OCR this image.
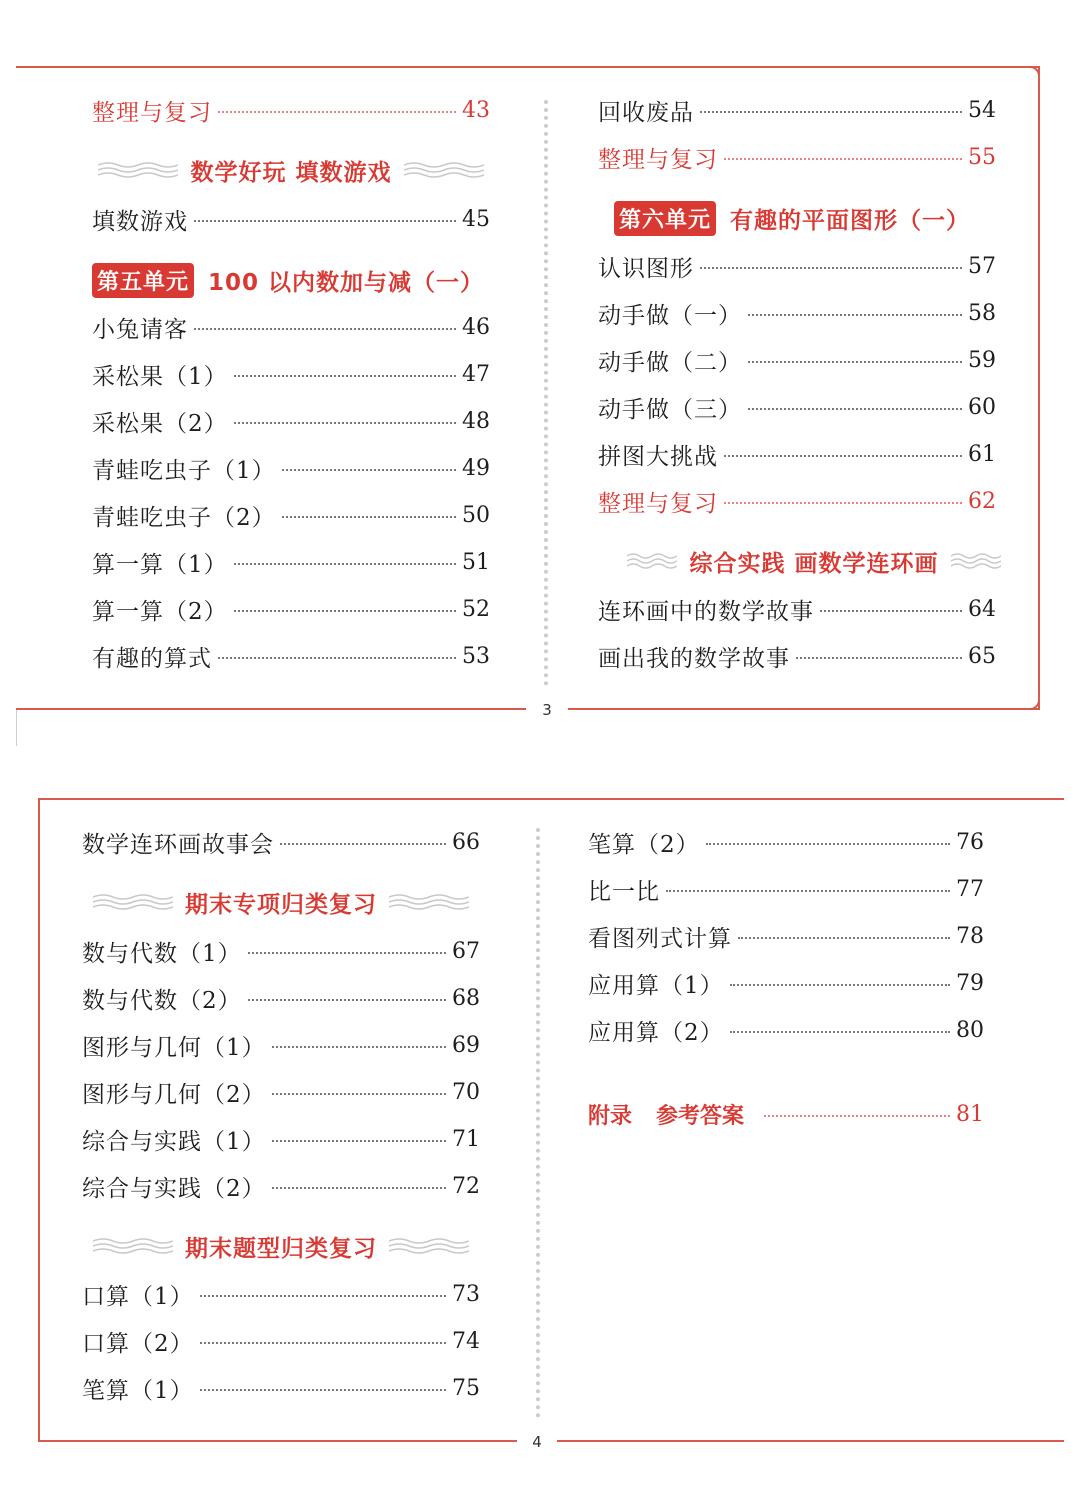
3
整理与复习	43
数学好玩 填数游戏
填数游戏	45
第五单元 100 以内数加与减（一）
小兔请客	46
采松果（1）	47
采松果（2）	48
青蛙吃虫子（1）	49
青蛙吃虫子（2）	50
算一算（1）	51
算一算（2）	52
有趣的算式	53
回收废品	54
整理与复习	55
第六单元 有趣的平面图形（一）
认识图形	57
动手做（一）	58
动手做（二）	59
动手做（三）	60
拼图大挑战	61
整理与复习	62
综合实践 画数学连环画
连环画中的数学故事	64
画出我的数学故事	65
4
数学连环画故事会	66
期末专项归类复习
数与代数（1）	67
数与代数（2）	68
图形与几何（1）	69
图形与几何（2）	70
综合与实践（1）	71
综合与实践（2）	72
期末题型归类复习
口算（1）	73
口算（2）	74
笔算（1）	75
笔算（2）	76
比一比	77
看图列式计算	78
应用算（1）	79
应用算（2）	80
附录 参考答案	81
